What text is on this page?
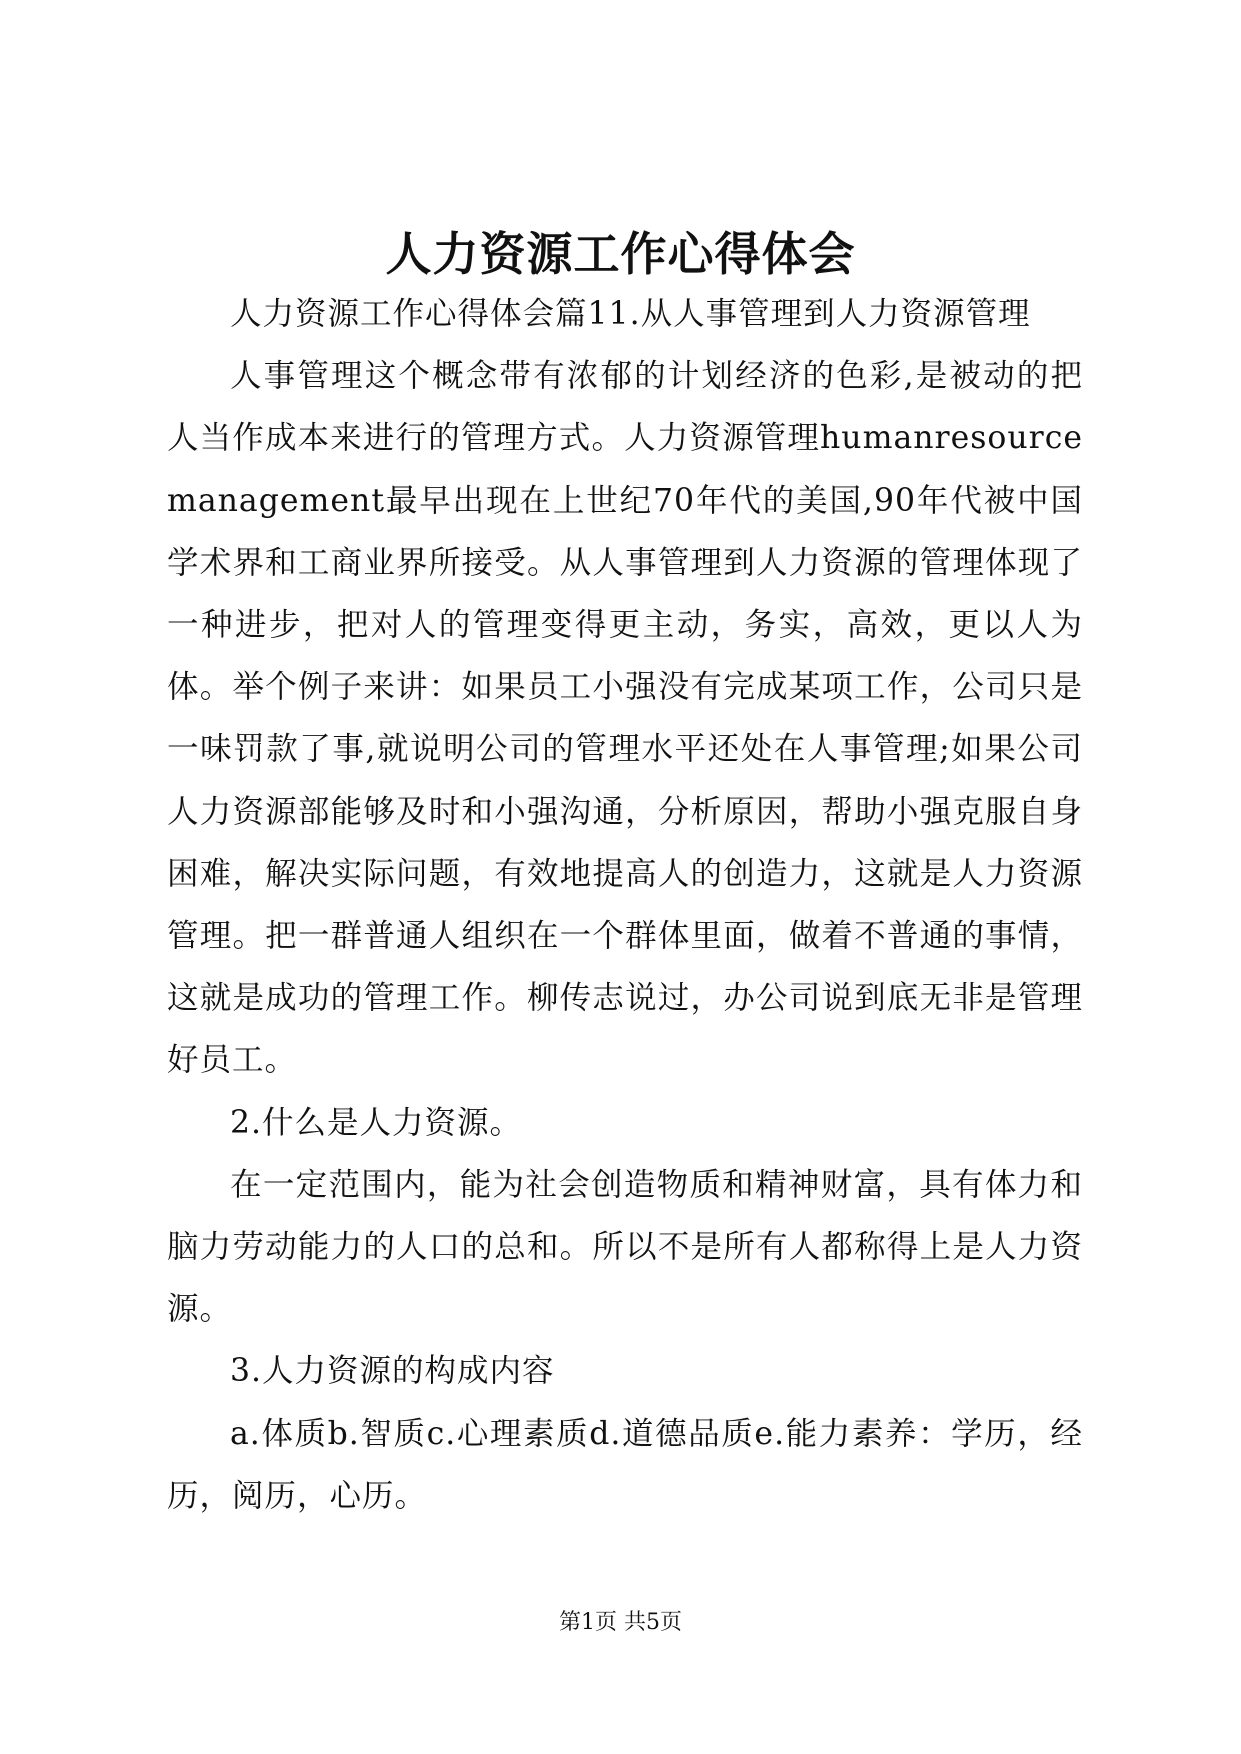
人力资源工作心得体会

人力资源工作心得体会篇11.从人事管理到人力资源管理

人事管理这个概念带有浓郁的计划经济的色彩,是被动的把人当作成本来进行的管理方式。人力资源管理humanresourcemanagement最早出现在上世纪70年代的美国,90年代被中国学术界和工商业界所接受。从人事管理到人力资源的管理体现了一种进步，把对人的管理变得更主动，务实，高效，更以人为体。举个例子来讲：如果员工小强没有完成某项工作，公司只是一味罚款了事,就说明公司的管理水平还处在人事管理;如果公司人力资源部能够及时和小强沟通，分析原因，帮助小强克服自身困难，解决实际问题，有效地提高人的创造力，这就是人力资源管理。把一群普通人组织在一个群体里面，做着不普通的事情，这就是成功的管理工作。柳传志说过，办公司说到底无非是管理好员工。

2.什么是人力资源。

在一定范围内，能为社会创造物质和精神财富，具有体力和脑力劳动能力的人口的总和。所以不是所有人都称得上是人力资源。

3.人力资源的构成内容

a.体质b.智质c.心理素质d.道德品质e.能力素养：学历，经历，阅历，心历。

第1页 共5页
